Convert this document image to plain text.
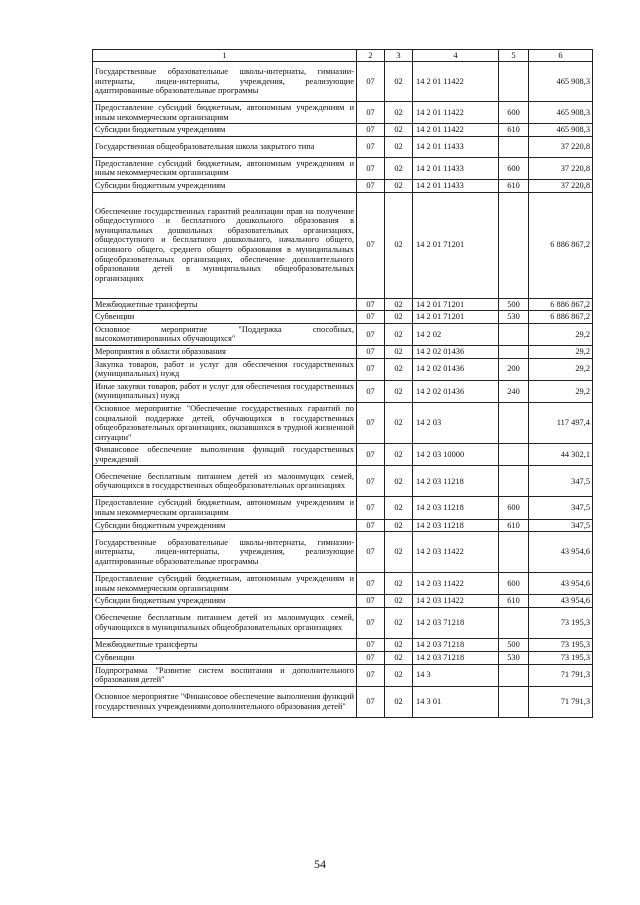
1	2	3	4	5	6
Государственные образовательные школы-интернаты, гимназии-интернаты, лицеи-интернаты, учреждения, реализующие адаптированные образовательные программы	07	02	14 2 01 11422		465 908,3
Предоставление субсидий бюджетным, автономным учреждениям и иным некоммерческим организациям	07	02	14 2 01 11422	600	465 908,3
Субсидии бюджетным учреждениям	07	02	14 2 01 11422	610	465 908,3
Государственная общеобразовательная школа закрытого типа	07	02	14 2 01 11433		37 220,8
Предоставление субсидий бюджетным, автономным учреждениям и иным некоммерческим организациям	07	02	14 2 01 11433	600	37 220,8
Субсидии бюджетным учреждениям	07	02	14 2 01 11433	610	37 220,8
Обеспечение государственных гарантий реализации прав на получение общедоступного и бесплатного дошкольного образования в муниципальных дошкольных образовательных организациях, общедоступного и бесплатного дошкольного, начального общего, основного общего, среднего общего образования в муниципальных общеобразовательных организациях, обеспечение дополнительного образования детей в муниципальных общеобразовательных организациях	07	02	14 2 01 71201		6 886 867,2
Межбюджетные трансферты	07	02	14 2 01 71201	500	6 886 867,2
Субвенции	07	02	14 2 01 71201	530	6 886 867,2
Основное мероприятие "Поддержка способных, высокомотивированных обучающихся"	07	02	14 2 02		29,2
Мероприятия в области образования	07	02	14 2 02 01436		29,2
Закупка товаров, работ и услуг для обеспечения государственных (муниципальных) нужд	07	02	14 2 02 01436	200	29,2
Иные закупки товаров, работ и услуг для обеспечения государственных (муниципальных) нужд	07	02	14 2 02 01436	240	29,2
Основное мероприятие "Обеспечение государственных гарантий по социальной поддержке детей, обучающихся в государственных общеобразовательных организациях, оказавшихся в трудной жизненной ситуации"	07	02	14 2 03		117 497,4
Финансовое обеспечение выполнения функций государственных учреждений	07	02	14 2 03 10000		44 302,1
Обеспечение бесплатным питанием детей из малоимущих семей, обучающихся в государственных общеобразовательных организациях	07	02	14 2 03 11218		347,5
Предоставление субсидий бюджетным, автономным учреждениям и иным некоммерческим организациям	07	02	14 2 03 11218	600	347,5
Субсидии бюджетным учреждениям	07	02	14 2 03 11218	610	347,5
Государственные образовательные школы-интернаты, гимназии-интернаты, лицеи-интернаты, учреждения, реализующие адаптированные образовательные программы	07	02	14 2 03 11422		43 954,6
Предоставление субсидий бюджетным, автономным учреждениям и иным некоммерческим организациям	07	02	14 2 03 11422	600	43 954,6
Субсидии бюджетным учреждениям	07	02	14 2 03 11422	610	43 954,6
Обеспечение бесплатным питанием детей из малоимущих семей, обучающихся в муниципальных общеобразовательных организациях	07	02	14 2 03 71218		73 195,3
Межбюджетные трансферты	07	02	14 2 03 71218	500	73 195,3
Субвенции	07	02	14 2 03 71218	530	73 195,3
Подпрограмма "Развитие систем воспитания и дополнительного образования детей"	07	02	14 3		71 791,3
Основное мероприятие "Финансовое обеспечение выполнения функций государственных учреждениями дополнительного образования детей"	07	02	14 3 01		71 791,3
54
